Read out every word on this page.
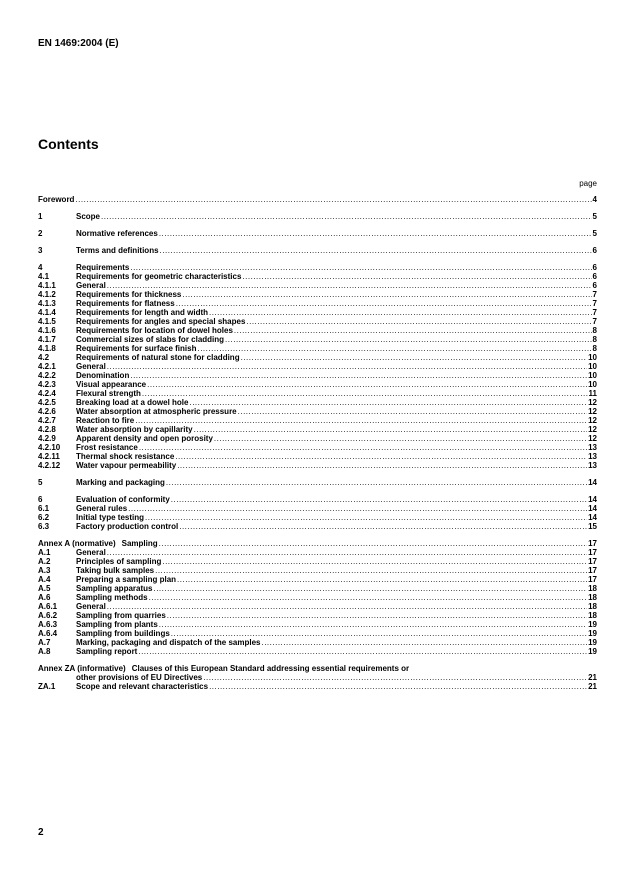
EN 1469:2004 (E)
Contents
page
Foreword .....	4
1	Scope .....	5
2	Normative references .....	5
3	Terms and definitions .....	6
4	Requirements .....	6
4.1	Requirements for geometric characteristics .....	6
4.1.1	General .....	6
4.1.2	Requirements for thickness .....	7
4.1.3	Requirements for flatness .....	7
4.1.4	Requirements for length and width .....	7
4.1.5	Requirements for angles and special shapes .....	7
4.1.6	Requirements for location of dowel holes .....	8
4.1.7	Commercial sizes of slabs for cladding .....	8
4.1.8	Requirements for surface finish .....	8
4.2	Requirements of natural stone for cladding .....	10
4.2.1	General .....	10
4.2.2	Denomination .....	10
4.2.3	Visual appearance .....	10
4.2.4	Flexural strength .....	11
4.2.5	Breaking load at a dowel hole .....	12
4.2.6	Water absorption at atmospheric pressure .....	12
4.2.7	Reaction to fire .....	12
4.2.8	Water absorption by capillarity .....	12
4.2.9	Apparent density and open porosity .....	12
4.2.10	Frost resistance .....	13
4.2.11	Thermal shock resistance .....	13
4.2.12	Water vapour permeability .....	13
5	Marking and packaging .....	14
6	Evaluation of conformity .....	14
6.1	General rules .....	14
6.2	Initial type testing .....	14
6.3	Factory production control .....	15
Annex A (normative) Sampling .....	17
A.1	General .....	17
A.2	Principles of sampling .....	17
A.3	Taking bulk samples .....	17
A.4	Preparing a sampling plan .....	17
A.5	Sampling apparatus .....	18
A.6	Sampling methods .....	18
A.6.1	General .....	18
A.6.2	Sampling from quarries .....	18
A.6.3	Sampling from plants .....	19
A.6.4	Sampling from buildings .....	19
A.7	Marking, packaging and dispatch of the samples .....	19
A.8	Sampling report .....	19
Annex ZA (informative) Clauses of this European Standard addressing essential requirements or
other provisions of EU Directives .....	21
ZA.1	Scope and relevant characteristics .....	21
2
